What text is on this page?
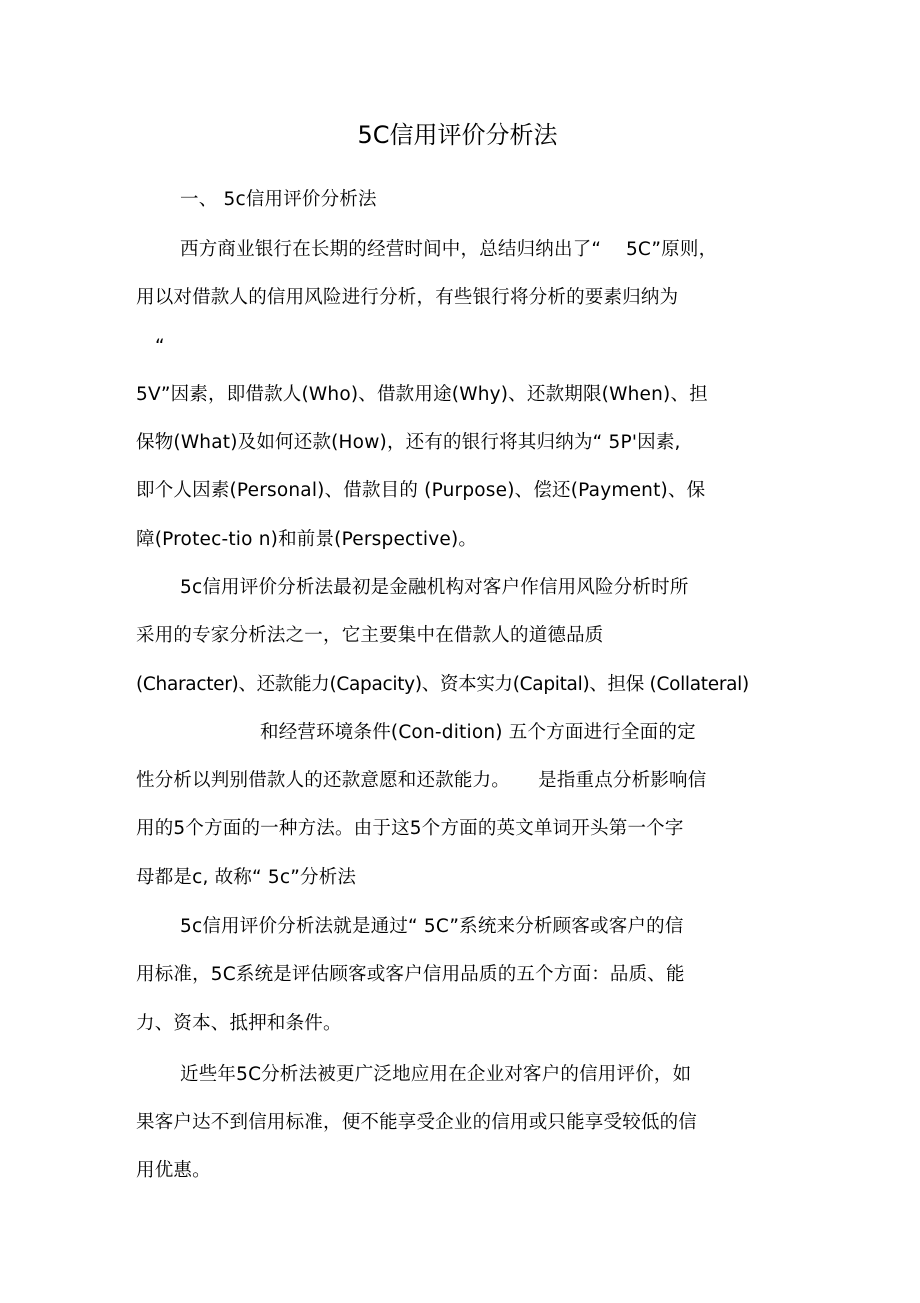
5C信用评价分析法
一、 5c信用评价分析法
西方商业银行在长期的经营时间中，总结归纳出了“　 5C”原则，
用以对借款人的信用风险进行分析，有些银行将分析的要素归纳为
“
5V”因素，即借款人(Who)、借款用途(Why)、还款期限(When)、担
保物(What)及如何还款(How)，还有的银行将其归纳为“ 5P'因素,
即个人因素(Personal)、借款目的 (Purpose)、偿还(Payment)、保
障(Protec-tio n)和前景(Perspective)。
5c信用评价分析法最初是金融机构对客户作信用风险分析时所
采用的专家分析法之一，它主要集中在借款人的道德品质
(Character)、还款能力(Capacity)、资本实力(Capital)、担保 (Collateral)
和经营环境条件(Con-dition) 五个方面进行全面的定
性分析以判别借款人的还款意愿和还款能力。　　是指重点分析影响信
用的5个方面的一种方法。由于这5个方面的英文单词开头第一个字
母都是c, 故称“ 5c”分析法
5c信用评价分析法就是通过“ 5C”系统来分析顾客或客户的信
用标准，5C系统是评估顾客或客户信用品质的五个方面：品质、能
力、资本、抵押和条件。
近些年5C分析法被更广泛地应用在企业对客户的信用评价，如
果客户达不到信用标准，便不能享受企业的信用或只能享受较低的信
用优惠。
